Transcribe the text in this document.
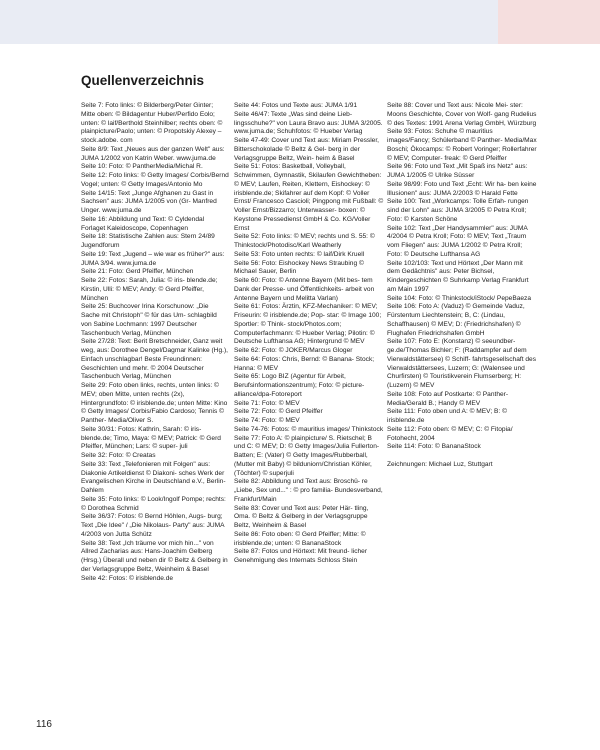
Quellenverzeichnis

Seite 7: Foto links: © Bilderberg/Peter Ginter; Mitte oben: © Bildagentur Huber/Perfido Eolo; unten: © laif/Berthold Steinhilber; rechts oben: © plainpicture/Paolo; unten: © Propotskiy Alexey – stock.adobe. com

Seite 8/9: Text „Neues aus der ganzen Welt" aus: JUMA 1/2002 von Katrin Weber. www.juma.de

Seite 10: Foto: © PantherMedia/Michal R.

Seite 12: Foto links: © Getty Images/ Corbis/Bernd Vogel; unten: © Getty Images/Antonio Mo

Seite 14/15: Text „Junge Afghanen zu Gast in Sachsen" aus: JUMA 1/2005 von (Gr- Manfred Unger. www.juma.de

Seite 16: Abbildung und Text: © Cyldendal Forlaget Kaleidoscope, Copenhagen

Seite 18: Statistische Zahlen aus: Stern 24/89 Jugendforum

Seite 19: Text „Jugend – wie war es früher?" aus: JUMA 3/94. www.juma.de

Seite 21: Foto: Gerd Pfeiffer, München

Seite 22: Fotos: Sarah, Julia: © iris- blende.de; Kirstin, Ulli: © MEV; Andy: © Gerd Pfeiffer, München

Seite 25: Buchcover Irina Korschunow: „Die Sache mit Christoph" © für das Um- schlagbild von Sabine Lochmann: 1997 Deutscher Taschenbuch Verlag, München

Seite 27/28: Text: Berit Bretschneider, Ganz weit weg, aus: Dorothee Dengel/Dagmar Kalinke (Hg.), Einfach unschlagbar! Beste Freundinnen: Geschichten und mehr. © 2004 Deutscher Taschenbuch Verlag, München

Seite 29: Foto oben links, rechts, unten links: © MEV; oben Mitte, unten rechts (2x), Hintergrundfoto: © irisblende.de; unten Mitte: Kino © Getty Images/ Corbis/Fabio Cardoso; Tennis © Panther- Media/Oliver S.

Seite 30/31: Fotos: Kathrin, Sarah: © iris- blende.de; Timo, Maya: © MEV; Patrick: © Gerd Pfeiffer, München; Lars: © super- juli

Seite 32: Foto: © Creatas

Seite 33: Text „Telefonieren mit Folgen" aus: Diakonie Artikeldienst © Diakoni- sches Werk der Evangelischen Kirche in Deutschland e.V., Berlin-Dahlem

Seite 35: Foto links: © Look/Ingolf Pompe; rechts: © Dorothea Schmid

Seite 36/37: Fotos: © Bernd Höhlen, Augs- burg; Text „Die Idee" / „Die Nikolaus- Party" aus: JUMA 4/2003 von Jutta Schütz

Seite 38: Text „Ich träume vor mich hin..." von Allred Zacharias aus: Hans-Joachim Gelberg (Hrsg.) Überall und neben dir © Beltz & Gelberg in der Verlagsgruppe Beltz, Weinheim & Basel

Seite 42: Fotos: © irisblende.de

Seite 44: Fotos und Texte aus: JUMA 1/91

Seite 46/47: Texte „Was sind deine Lieb- lingsschuhe?" von Laura Bravo aus: JUMA 3/2005. www.juma.de; Schuhfotos: © Hueber Verlag

Seite 47-49: Cover und Text aus: Miriam Pressler, Bitterschokolade © Beltz & Gel- berg in der Verlagsgruppe Beltz, Wein- heim & Basel

Seite 51: Fotos: Basketball, Volleyball, Schwimmen, Gymnastik, Skilaufen Gewichtheben: © MEV; Laufen, Reiten, Klettern, Eishockey: © irisblende.de; Skifahrer auf dem Kopf: © Voller Ernst/ Francesco Cascioli; Pingpong mit Fußball: © Voller Ernst/Bizzarro; Unterwasser- boxen: © Keystone Pressedienst GmbH & Co. KG/Voller Ernst

Seite 52: Foto links: © MEV; rechts und S. 55: © Thinkstock/Photodisc/Karl Weatherly

Seite 53: Foto unten rechts: © laif/Dirk Kruell

Seite 56: Foto: Eishockey News Straubing © Michael Sauer, Berlin

Seite 60: Foto: © Antenne Bayern (Mit bes- tem Dank der Presse- und Öffentlichkeits- arbeit von Antenne Bayern und Melitta Varlan)

Seite 61: Fotos: Ärztin, KFZ-Mechaniker: © MEV; Friseurin: © irisblende.de; Pop- star: © Image 100; Sportler: © Think- stock/Photos.com; Computerfachmann: © Hueber Verlag; Pilotin: © Deutsche Lufthansa AG; Hintergrund © MEV

Seite 62: Foto: © JOKER/Marcus Gloger

Seite 64: Fotos: Chris, Bernd: © Banana- Stock; Hanna: © MEV

Seite 65: Logo BIZ (Agentur für Arbeit, Berufsinformationszentrum); Foto: © picture-alliance/dpa-Fotoreport

Seite 71: Foto: © MEV

Seite 72: Foto: © Gerd Pfeiffer

Seite 74: Foto: © MEV

Seite 74-76: Fotos: © mauritius images/ Thinkstock

Seite 77: Foto A: © plainpicture/ S. Rietschel; B und C: © MEV; D: © Getty Images/Julia Fullerton-Batten; E: (Vater) © Getty Images/Rubberball, (Mutter mit Baby) © bilduniorn/Christian Köhler, (Töchter) © superjuli

Seite 82: Abbildung und Text aus: Broschü- re „Liebe, Sex und..." : © pro familia- Bundesverband, Frankfurt/Main

Seite 83: Cover und Text aus: Peter Här- tling, Oma. © Beltz & Gelberg in der Verlagsgruppe Beltz, Weinheim & Basel

Seite 86: Foto oben: © Gerd Pfeiffer; Mitte: © irisblende.de; unten: © BananaStock

Seite 87: Fotos und Hörtext: Mit freund- licher Genehmigung des Internats Schloss Stein

Seite 88: Cover und Text aus: Nicole Mei- ster: Moons Geschichte, Cover von Wolf- gang Rudelius © des Textes: 1991 Arena Verlag GmbH, Würzburg

Seite 93: Fotos: Schuhe © mauritius images/Fancy; Schülerband © Panther- Media/Max Boschi; Ökocamps: © Robert Voringer; Rollerfahrer © MEV; Computer- freak: © Gerd Pfeiffer

Seite 96: Foto und Text „Mit Spaß ins Netz" aus: JUMA 1/2005 © Ulrike Süsser

Seite 98/99: Foto und Text „Echt: Wir ha- ben keine Illusionen" aus: JUMA 2/2003 © Harald Fette

Seite 100: Text „Workcamps: Tolle Erfah- rungen sind der Lohn" aus: JUMA 3/2005 © Petra Kroll; Foto: © Karsten Schöne

Seite 102: Text „Der Handysammler" aus: JUMA 4/2004 © Petra Kroll; Foto: © MEV; Text „Traum vom Fliegen" aus: JUMA 1/2002 © Petra Kroll; Foto: © Deutsche Lufthansa AG

Seite 102/103: Text und Hörtext „Der Mann mit dem Gedächtnis" aus: Peter Bichsel, Kindergeschichten © Suhrkamp Verlag Frankfurt am Main 1997

Seite 104: Foto: © Thinkstock/iStock/ PepeBaeza

Seite 106: Foto A: (Vaduz) © Gemeinde Vaduz, Fürstentum Liechtenstein; B, C: (Lindau, Schaffhausen) © MEV; D: (Friedrichshafen) © Flughafen Friedrichshafen GmbH

Seite 107: Foto E: (Konstanz) © seeundber- ge.de/Thomas Bichler; F: (Raddampfer auf dem Vierwaldstättersee) © Schiff- fahrtsgesellschaft des Vierwaldstättersees, Luzern; G: (Walensee und Churfirsten) © Touristikverein Flumserberg; H: (Luzern) © MEV

Seite 108: Foto auf Postkarte: © Panther- Media/Gerald B.; Handy © MEV

Seite 111: Foto oben und A: © MEV; B: © irisblende.de

Seite 112: Foto oben: © MEV; C: © Fitopia/ Fotohecht, 2004

Seite 114: Foto: © BananaStock

Zeichnungen: Michael Luz, Stuttgart

116
